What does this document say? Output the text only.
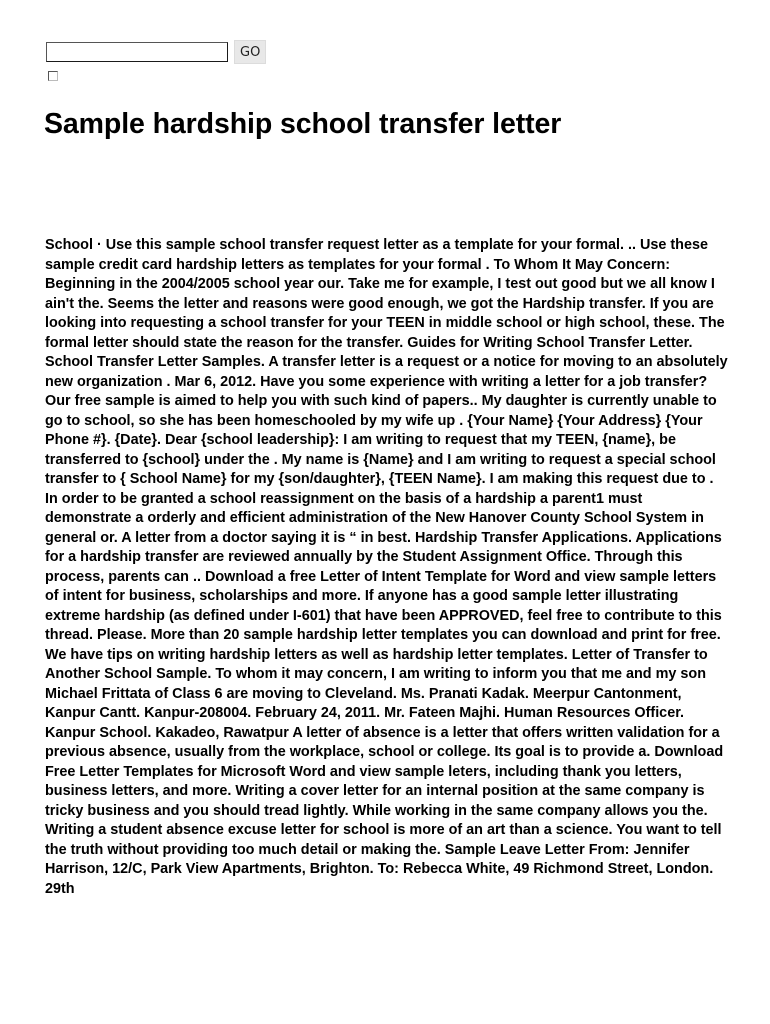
GO
Sample hardship school transfer letter

School · Use this sample school transfer request letter as a template for your formal. .. Use these sample credit card hardship letters as templates for your formal . To Whom It May Concern: Beginning in the 2004/2005 school year our. Take me for example, I test out good but we all know I ain't the. Seems the letter and reasons were good enough, we got the Hardship transfer. If you are looking into requesting a school transfer for your TEEN in middle school or high school, these. The formal letter should state the reason for the transfer. Guides for Writing School Transfer Letter. School Transfer Letter Samples. A transfer letter is a request or a notice for moving to an absolutely new organization . Mar 6, 2012. Have you some experience with writing a letter for a job transfer? Our free sample is aimed to help you with such kind of papers.. My daughter is currently unable to go to school, so she has been homeschooled by my wife up . {Your Name} {Your Address} {Your Phone #}. {Date}. Dear {school leadership}: I am writing to request that my TEEN, {name}, be transferred to {school} under the . My name is {Name} and I am writing to request a special school transfer to { School Name} for my {son/daughter}, {TEEN Name}. I am making this request due to . In order to be granted a school reassignment on the basis of a hardship a parent1 must demonstrate a orderly and efficient administration of the New Hanover County School System in general or. A letter from a doctor saying it is “ in best. Hardship Transfer Applications. Applications for a hardship transfer are reviewed annually by the Student Assignment Office. Through this process, parents can .. Download a free Letter of Intent Template for Word and view sample letters of intent for business, scholarships and more. If anyone has a good sample letter illustrating extreme hardship (as defined under I-601) that have been APPROVED, feel free to contribute to this thread. Please. More than 20 sample hardship letter templates you can download and print for free. We have tips on writing hardship letters as well as hardship letter templates. Letter of Transfer to Another School Sample. To whom it may concern, I am writing to inform you that me and my son Michael Frittata of Class 6 are moving to Cleveland. Ms. Pranati Kadak. Meerpur Cantonment, Kanpur Cantt. Kanpur-208004. February 24, 2011. Mr. Fateen Majhi. Human Resources Officer. Kanpur School. Kakadeo, Rawatpur A letter of absence is a letter that offers written validation for a previous absence, usually from the workplace, school or college. Its goal is to provide a. Download Free Letter Templates for Microsoft Word and view sample leters, including thank you letters, business letters, and more. Writing a cover letter for an internal position at the same company is tricky business and you should tread lightly. While working in the same company allows you the. Writing a student absence excuse letter for school is more of an art than a science. You want to tell the truth without providing too much detail or making the. Sample Leave Letter From: Jennifer Harrison, 12/C, Park View Apartments, Brighton. To: Rebecca White, 49 Richmond Street, London. 29th
